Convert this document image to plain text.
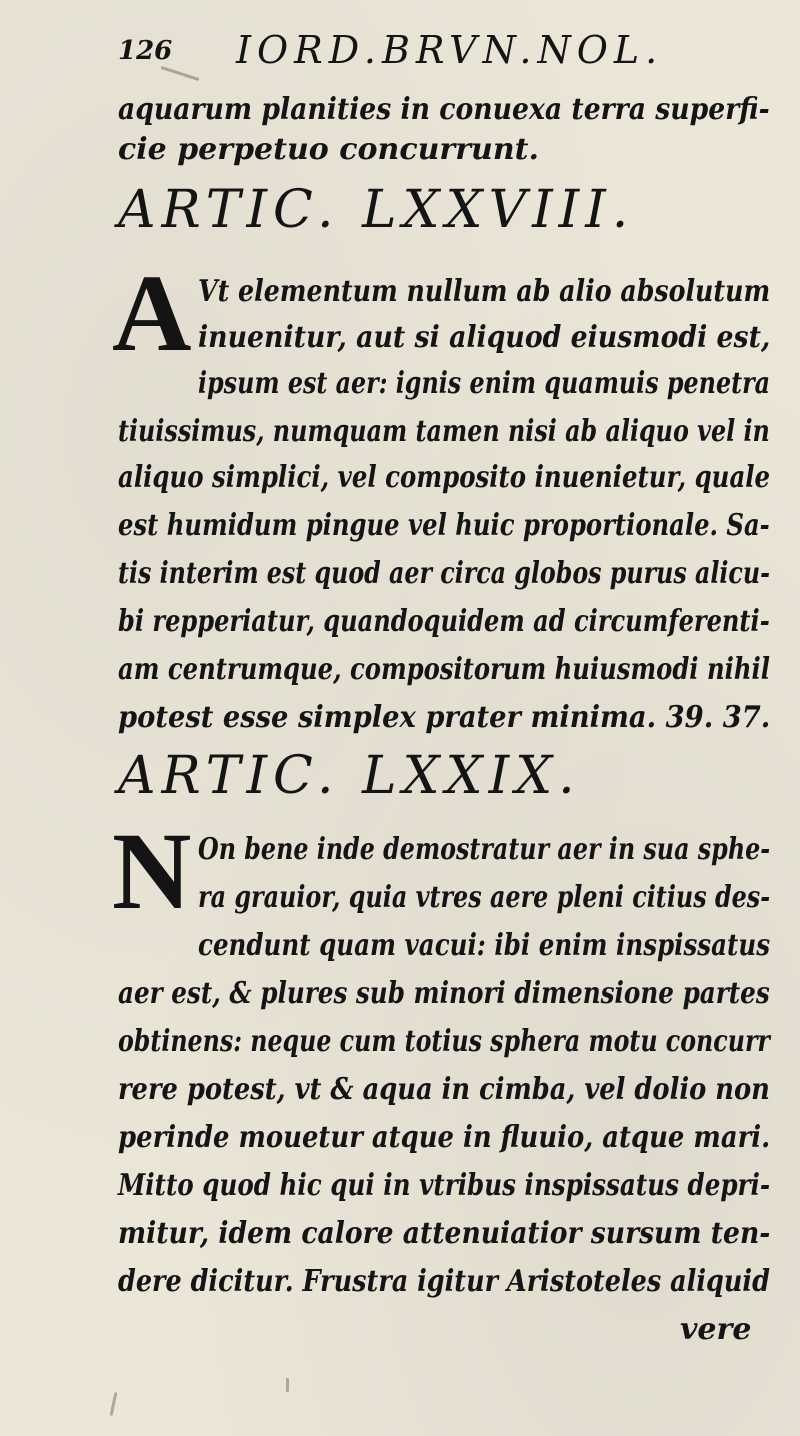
126 IORD.BRVN.NOL.
aquarum planities in conuexa terra superfi-
cie perpetuo concurrunt.
ARTIC. LXXVIII.
A Vt elementum nullum ab alio absolutum
inuenitur, aut si aliquod eiusmodi est,
ipsum est aer: ignis enim quamuis penetra
tiuissimus, numquam tamen nisi ab aliquo vel in
aliquo simplici, vel composito inuenietur, quale
est humidum pingue vel huic proportionale. Sa-
tis interim est quod aer circa globos purus alicu-
bi repperiatur, quandoquidem ad circumferenti-
am centrumque, compositorum huiusmodi nihil
potest esse simplex prater minima. 39. 37.
ARTIC. LXXIX.
N On bene inde demostratur aer in sua sphe-
ra grauior, quia vtres aere pleni citius des-
cendunt quam vacui: ibi enim inspissatus
aer est, & plures sub minori dimensione partes
obtinens: neque cum totius sphera motu concurr
rere potest, vt & aqua in cimba, vel dolio non
perinde mouetur atque in fluuio, atque mari.
Mitto quod hic qui in vtribus inspissatus depri-
mitur, idem calore attenuiatior sursum ten-
dere dicitur. Frustra igitur Aristoteles aliquid
vere
